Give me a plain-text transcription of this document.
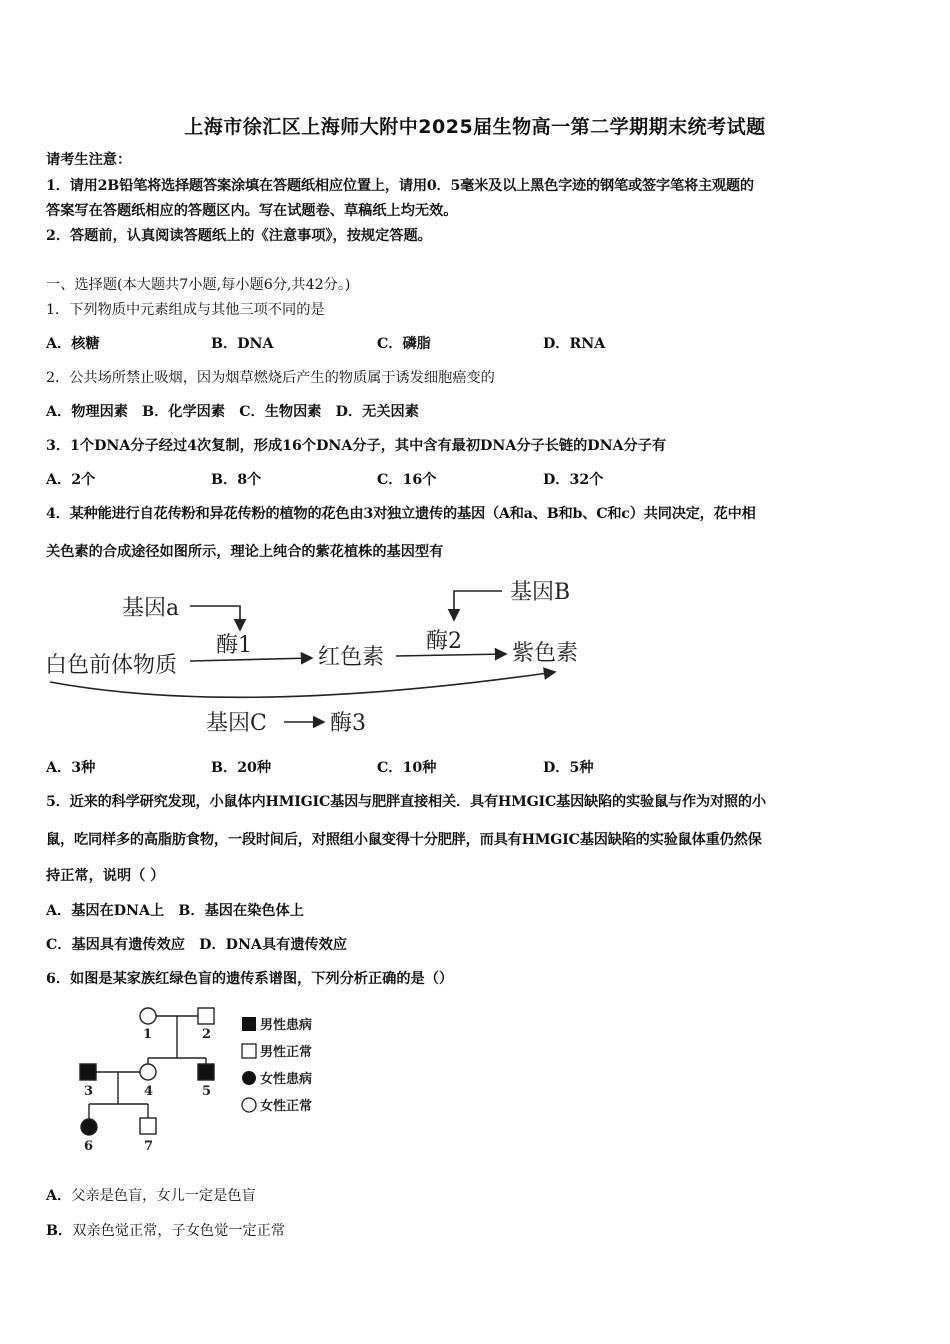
上海市徐汇区上海师大附中2025届生物高一第二学期期末统考试题
请考生注意：
1．请用2B铅笔将选择题答案涂填在答题纸相应位置上，请用0．5毫米及以上黑色字迹的钢笔或签字笔将主观题的
答案写在答题纸相应的答题区内。写在试题卷、草稿纸上均无效。
2．答题前，认真阅读答题纸上的《注意事项》，按规定答题。
一、选择题(本大题共7小题,每小题6分,共42分。)
1．下列物质中元素组成与其他三项不同的是
A．核糖	B．DNA	C．磷脂	D．RNA
2．公共场所禁止吸烟，因为烟草燃烧后产生的物质属于诱发细胞癌变的
A．物理因素　B．化学因素　C．生物因素　D．无关因素
3．1个DNA分子经过4次复制，形成16个DNA分子，其中含有最初DNA分子长链的DNA分子有
A．2个	B．8个	C．16个	D．32个
4．某种能进行自花传粉和异花传粉的植物的花色由3对独立遗传的基因（A和a、B和b、C和c）共同决定，花中相
关色素的合成途径如图所示，理论上纯合的紫花植株的基因型有
基因a
基因B
基因C
酶1	酶2
酶3
白色前体物质	红色素	紫色素
A．3种	B．20种	C．10种	D．5种
5．近来的科学研究发现，小鼠体内HMIGIC基因与肥胖直接相关．具有HMGIC基因缺陷的实验鼠与作为对照的小
鼠，吃同样多的高脂肪食物，一段时间后，对照组小鼠变得十分肥胖，而具有HMGIC基因缺陷的实验鼠体重仍然保
持正常，说明（ ）
A．基因在DNA上　B．基因在染色体上
C．基因具有遗传效应　D．DNA具有遗传效应
6．如图是某家族红绿色盲的遗传系谱图，下列分析正确的是（）
1	2
3	4	5
6	7
男性患病
男性正常
女性患病
女性正常
A．父亲是色盲，女儿一定是色盲
B．双亲色觉正常，子女色觉一定正常
